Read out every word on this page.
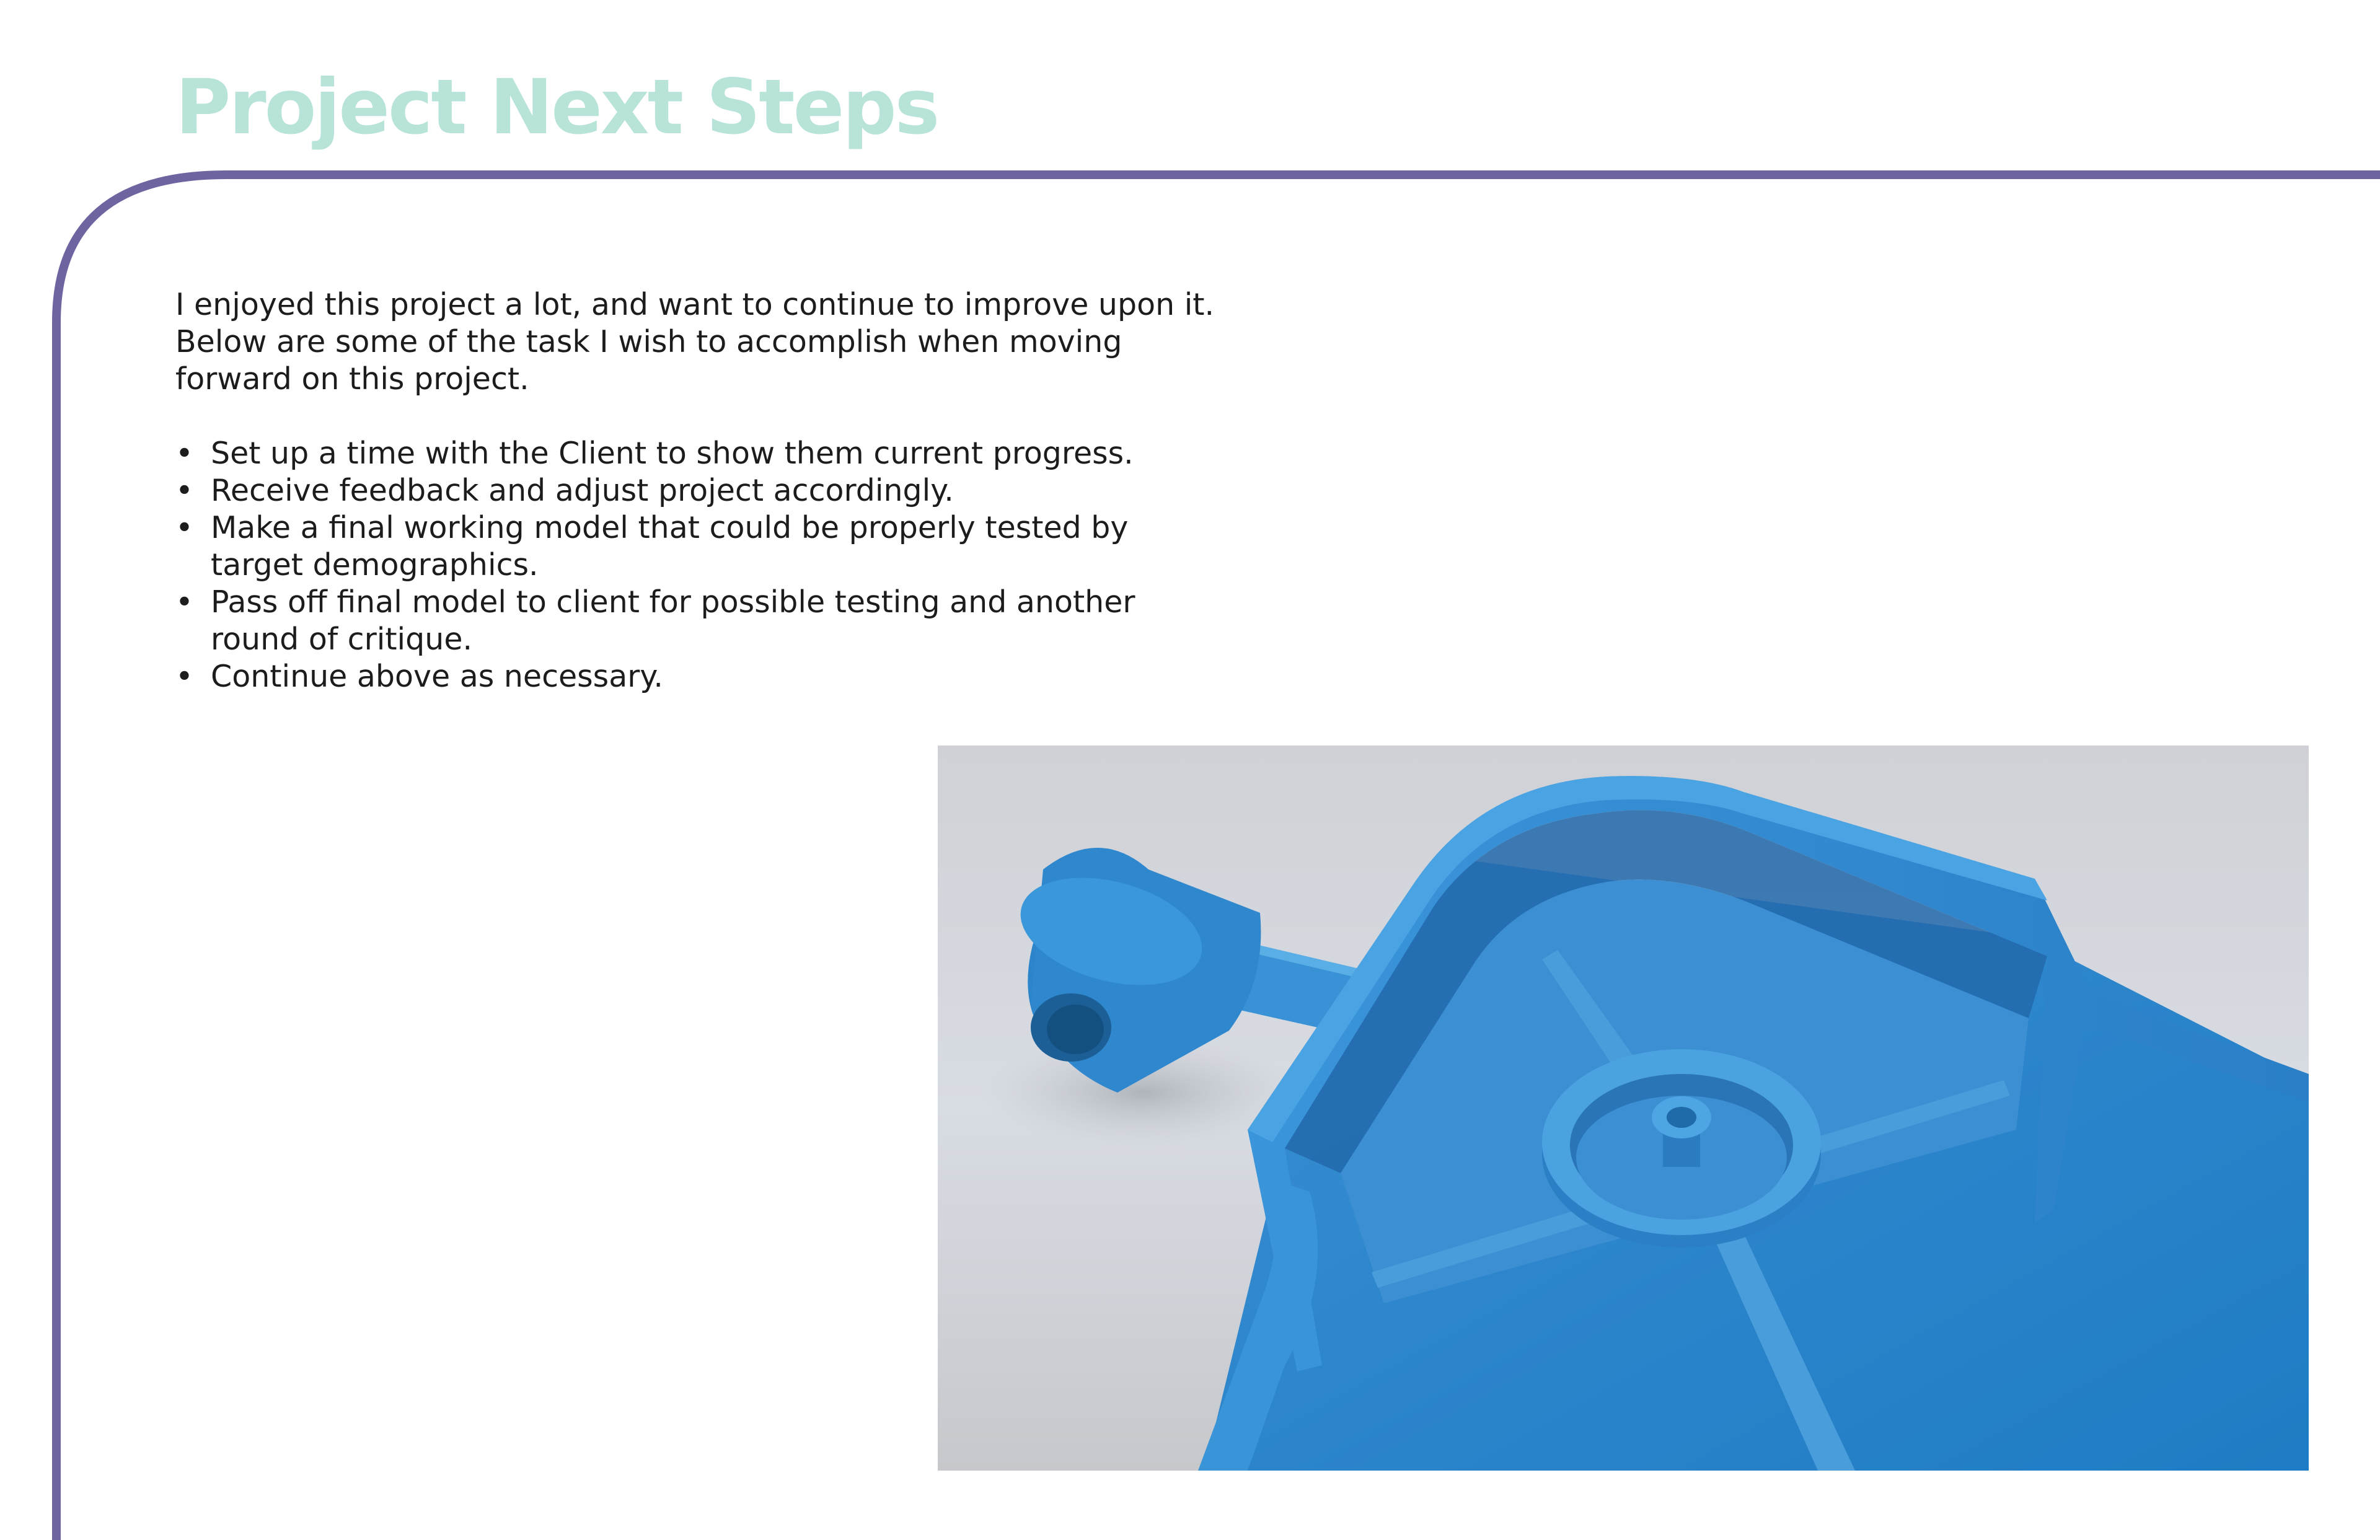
Project Next Steps

I enjoyed this project a lot, and want to continue to improve upon it. Below are some of the task I wish to accomplish when moving forward on this project.

• Set up a time with the Client to show them current progress.
• Receive feedback and adjust project accordingly.
• Make a final working model that could be properly tested by target demographics.
• Pass off final model to client for possible testing and another round of critique.
• Continue above as necessary.
